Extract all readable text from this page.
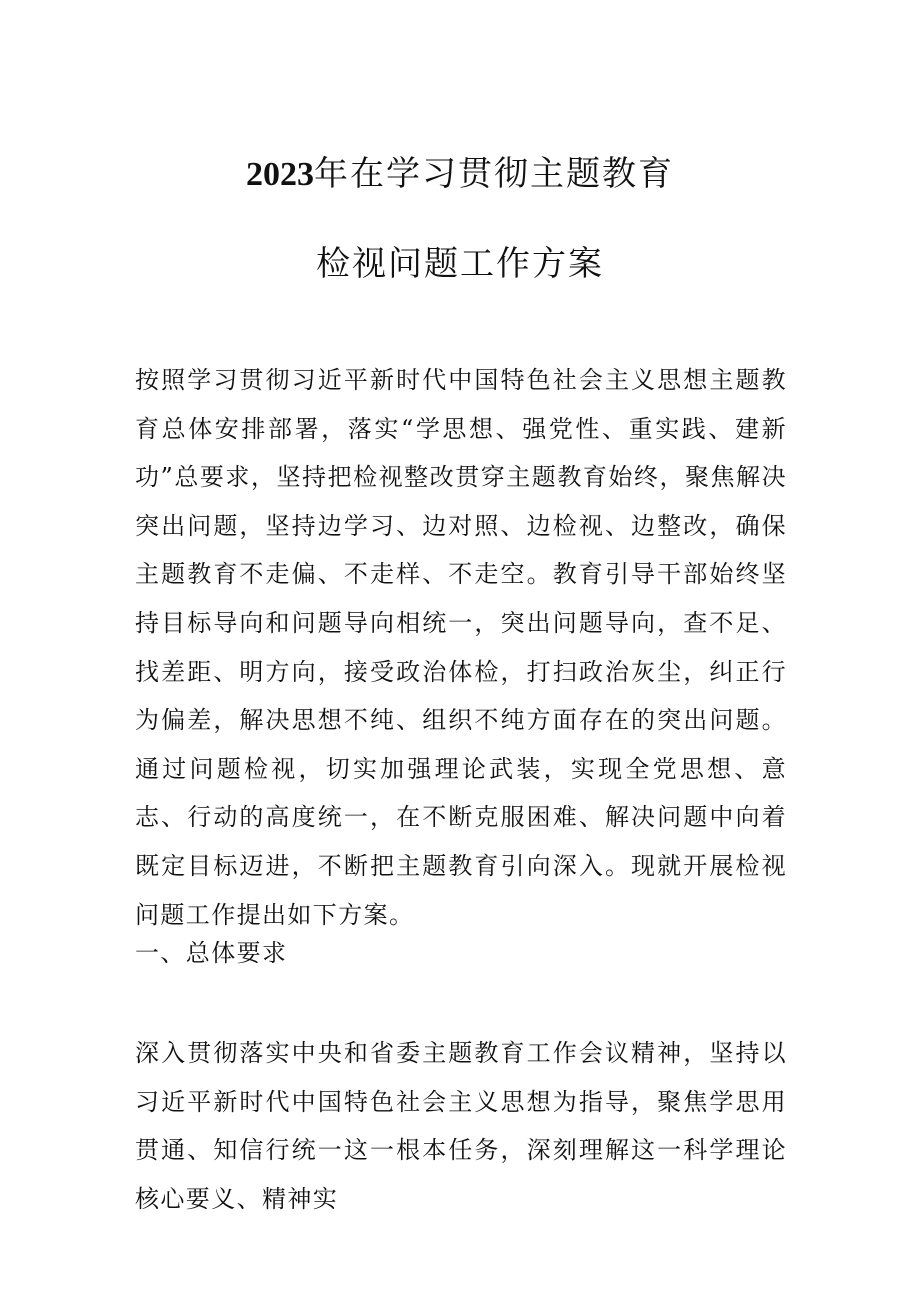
2023年在学习贯彻主题教育
检视问题工作方案

按照学习贯彻习近平新时代中国特色社会主义思想主题教育总体安排部署，落实“学思想、强党性、重实践、建新功”总要求，坚持把检视整改贯穿主题教育始终，聚焦解决突出问题，坚持边学习、边对照、边检视、边整改，确保主题教育不走偏、不走样、不走空。教育引导干部始终坚持目标导向和问题导向相统一，突出问题导向，查不足、找差距、明方向，接受政治体检，打扫政治灰尘，纠正行为偏差，解决思想不纯、组织不纯方面存在的突出问题。通过问题检视，切实加强理论武装，实现全党思想、意志、行动的高度统一，在不断克服困难、解决问题中向着既定目标迈进，不断把主题教育引向深入。现就开展检视问题工作提出如下方案。

一、总体要求

深入贯彻落实中央和省委主题教育工作会议精神，坚持以习近平新时代中国特色社会主义思想为指导，聚焦学思用贯通、知信行统一这一根本任务，深刻理解这一科学理论核心要义、精神实
